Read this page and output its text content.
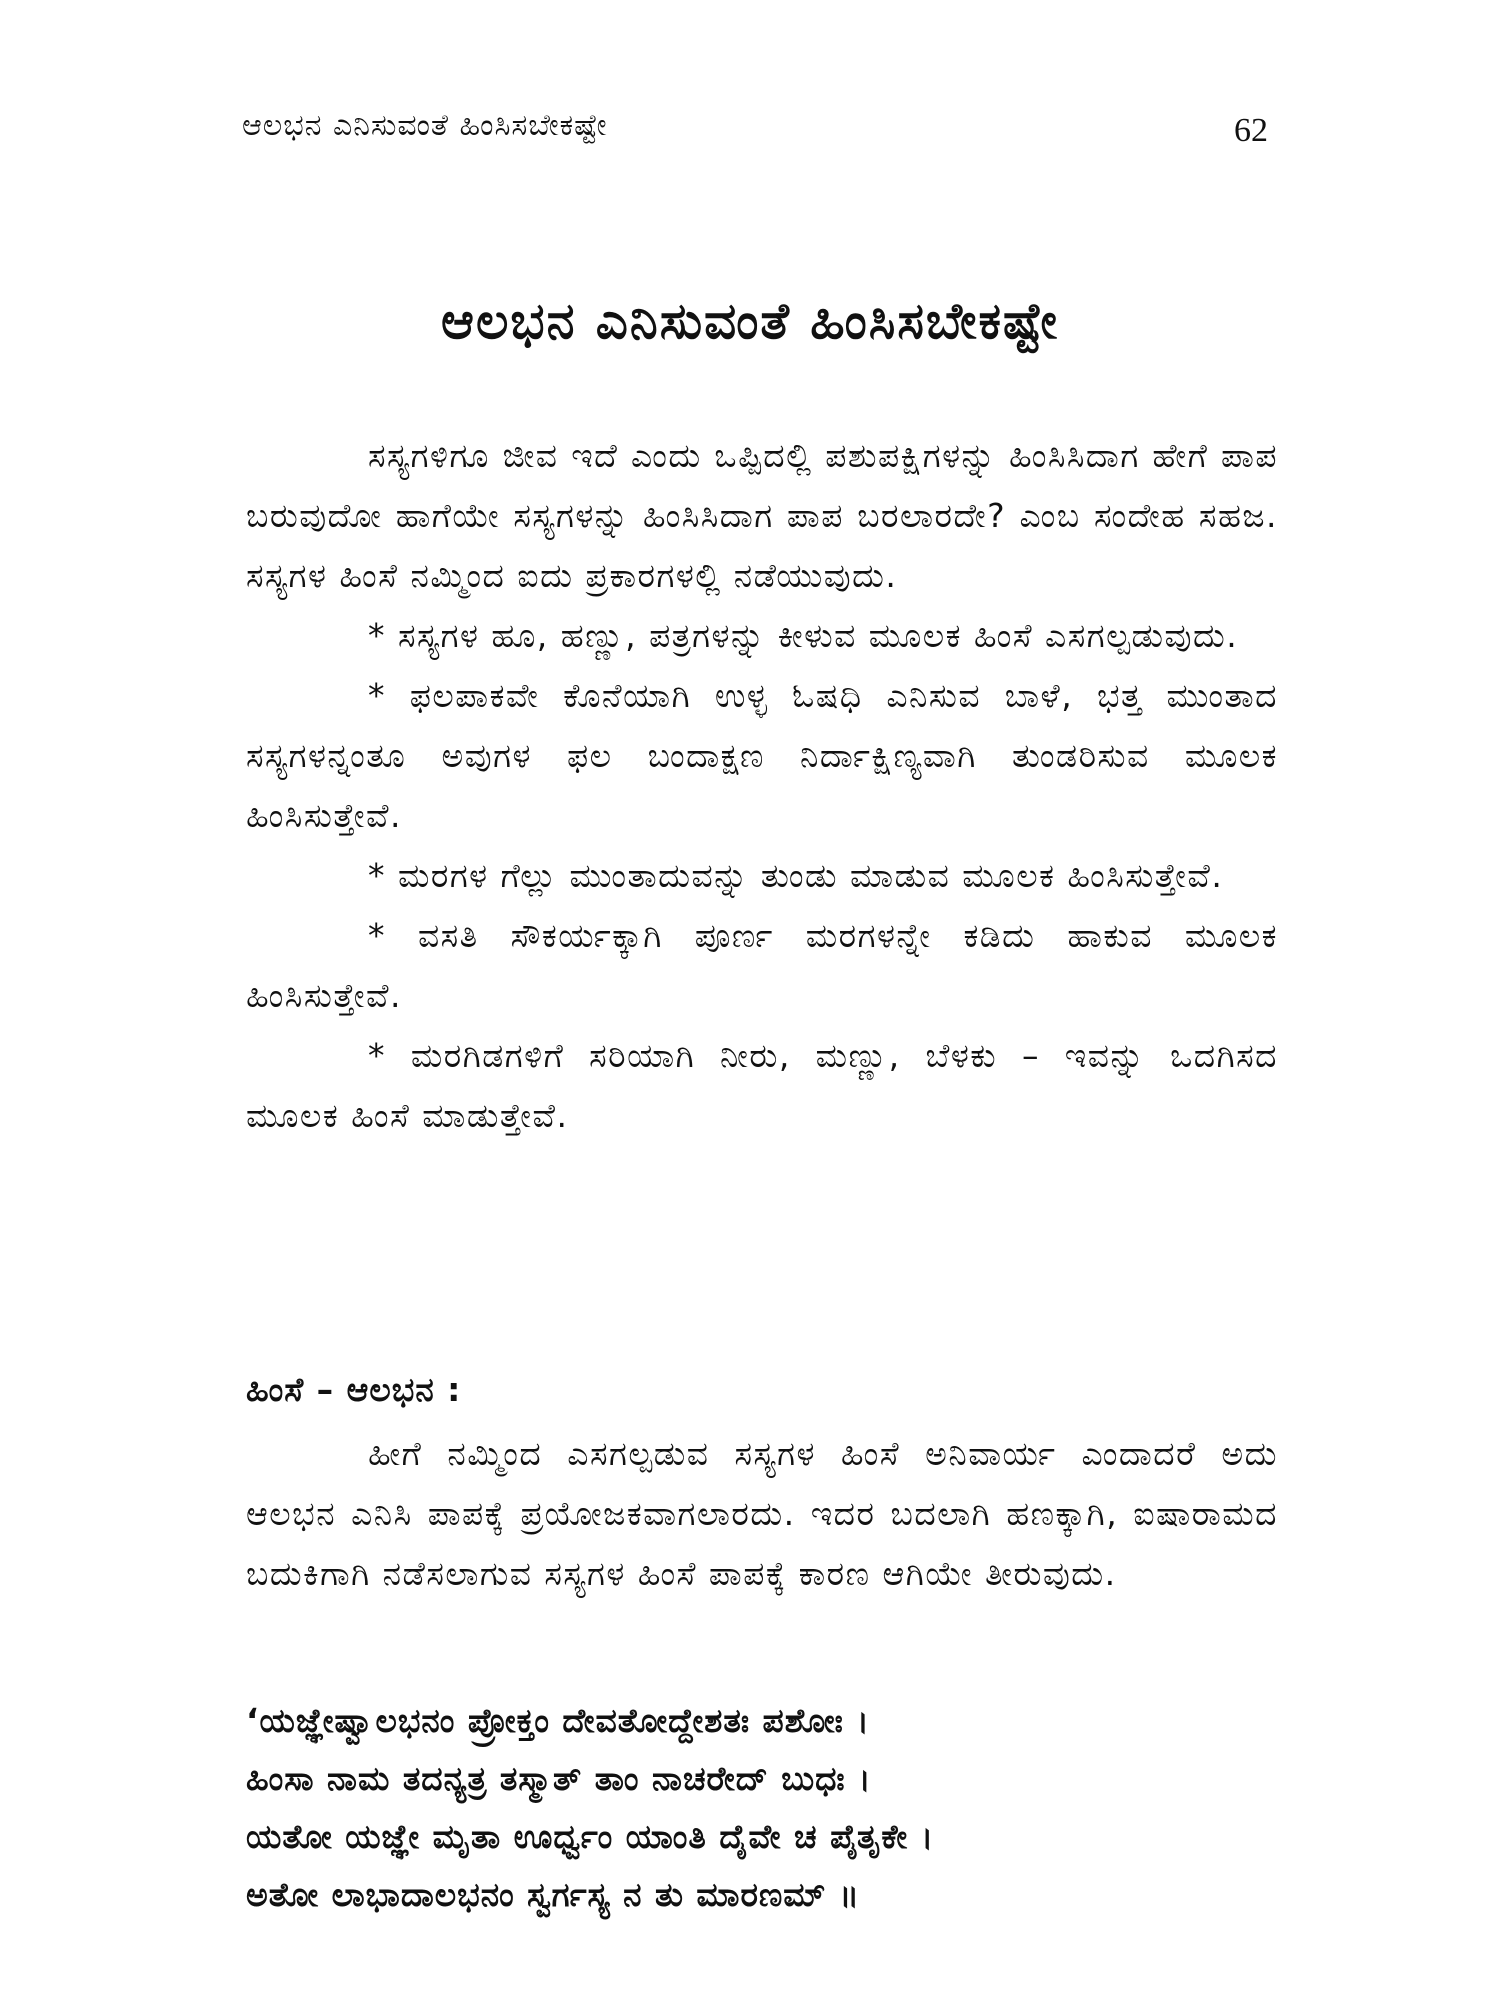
ಆಲಭನ ಎನಿಸುವಂತೆ ಹಿಂಸಿಸಬೇಕಷ್ಟೇ	62
ಆಲಭನ ಎನಿಸುವಂತೆ ಹಿಂಸಿಸಬೇಕಷ್ಟೇ

ಸಸ್ಯಗಳಿಗೂ ಜೀವ ಇದೆ ಎಂದು ಒಪ್ಪಿದಲ್ಲಿ ಪಶುಪಕ್ಷಿಗಳನ್ನು ಹಿಂಸಿಸಿದಾಗ ಹೇಗೆ ಪಾಪ ಬರುವುದೋ ಹಾಗೆಯೇ ಸಸ್ಯಗಳನ್ನು ಹಿಂಸಿಸಿದಾಗ ಪಾಪ ಬರಲಾರದೇ? ಎಂಬ ಸಂದೇಹ ಸಹಜ. ಸಸ್ಯಗಳ ಹಿಂಸೆ ನಮ್ಮಿಂದ ಐದು ಪ್ರಕಾರಗಳಲ್ಲಿ ನಡೆಯುವುದು.

* ಸಸ್ಯಗಳ ಹೂ, ಹಣ್ಣು, ಪತ್ರಗಳನ್ನು ಕೀಳುವ ಮೂಲಕ ಹಿಂಸೆ ಎಸಗಲ್ಪಡುವುದು.

* ಫಲಪಾಕವೇ ಕೊನೆಯಾಗಿ ಉಳ್ಳ ಓಷಧಿ ಎನಿಸುವ ಬಾಳೆ, ಭತ್ತ ಮುಂತಾದ ಸಸ್ಯಗಳನ್ನಂತೂ ಅವುಗಳ ಫಲ ಬಂದಾಕ್ಷಣ ನಿರ್ದಾಕ್ಷಿಣ್ಯವಾಗಿ ತುಂಡರಿಸುವ ಮೂಲಕ ಹಿಂಸಿಸುತ್ತೇವೆ.

* ಮರಗಳ ಗೆಲ್ಲು ಮುಂತಾದುವನ್ನು ತುಂಡು ಮಾಡುವ ಮೂಲಕ ಹಿಂಸಿಸುತ್ತೇವೆ.

* ವಸತಿ ಸೌಕರ್ಯಕ್ಕಾಗಿ ಪೂರ್ಣ ಮರಗಳನ್ನೇ ಕಡಿದು ಹಾಕುವ ಮೂಲಕ ಹಿಂಸಿಸುತ್ತೇವೆ.

* ಮರಗಿಡಗಳಿಗೆ ಸರಿಯಾಗಿ ನೀರು, ಮಣ್ಣು, ಬೆಳಕು – ಇವನ್ನು ಒದಗಿಸದ ಮೂಲಕ ಹಿಂಸೆ ಮಾಡುತ್ತೇವೆ.

ಹಿಂಸೆ – ಆಲಭನ :

ಹೀಗೆ ನಮ್ಮಿಂದ ಎಸಗಲ್ಪಡುವ ಸಸ್ಯಗಳ ಹಿಂಸೆ ಅನಿವಾರ್ಯ ಎಂದಾದರೆ ಅದು ಆಲಭನ ಎನಿಸಿ ಪಾಪಕ್ಕೆ ಪ್ರಯೋಜಕವಾಗಲಾರದು. ಇದರ ಬದಲಾಗಿ ಹಣಕ್ಕಾಗಿ, ಐಷಾರಾಮದ ಬದುಕಿಗಾಗಿ ನಡೆಸಲಾಗುವ ಸಸ್ಯಗಳ ಹಿಂಸೆ ಪಾಪಕ್ಕೆ ಕಾರಣ ಆಗಿಯೇ ತೀರುವುದು.

‘ಯಜ್ಞೇಷ್ವಾಲಭನಂ ಪ್ರೋಕ್ತಂ ದೇವತೋದ್ದೇಶತಃ ಪಶೋಃ ।
ಹಿಂಸಾ ನಾಮ ತದನ್ಯತ್ರ ತಸ್ಮಾತ್ ತಾಂ ನಾಚರೇದ್ ಬುಧಃ ।
ಯತೋ ಯಜ್ಞೇ ಮೃತಾ ಊರ್ಧ್ವಂ ಯಾಂತಿ ದೈವೇ ಚ ಪೈತೃಕೇ ।
ಅತೋ ಲಾಭಾದಾಲಭನಂ ಸ್ವರ್ಗಸ್ಯ ನ ತು ಮಾರಣಮ್ ॥
